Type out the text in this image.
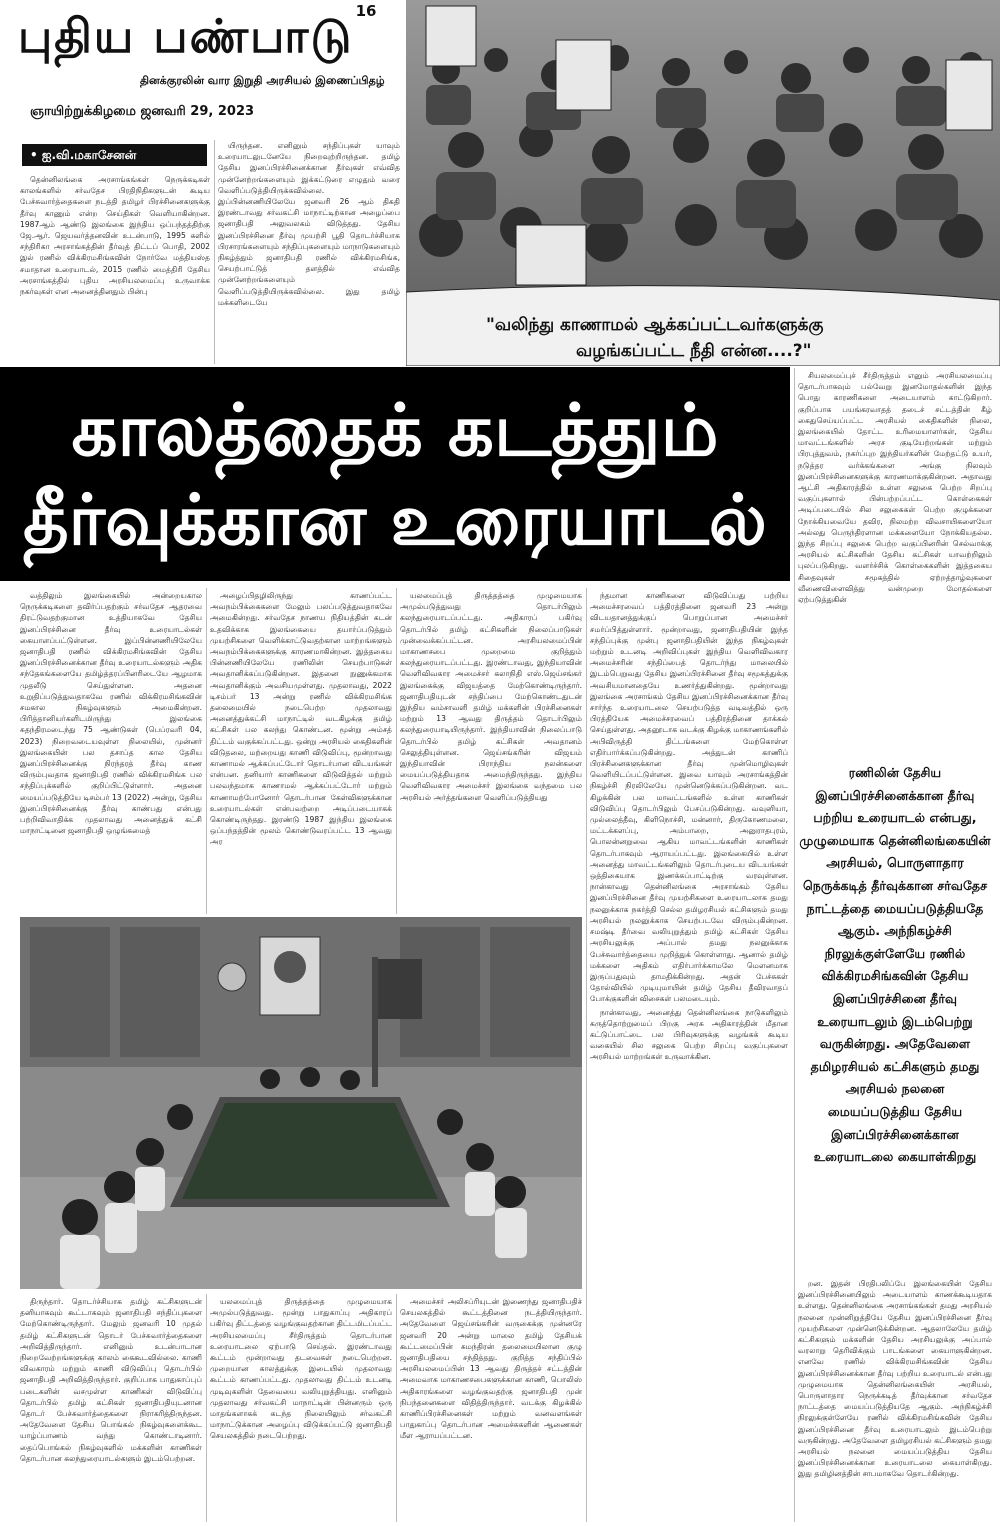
புதிய பண்பாடு 16
தினக்குரலின் வார இறுதி அரசியல் இணைப்பிதழ்
ஞாயிற்றுக்கிழமை ஜனவரி 29, 2023
• ஐ.வி.மகாசேனன்

தென்னிலங்கை அரசாங்கங்கள் நெருக்கடிகள் காலங்களில் சர்வதேச பிரதிநிதிகளுடன் கூடிய பேச்சுவார்த்தைகளை நடத்தி தமிழர் பிரச்சினைகளுக்கு தீர்வு காணும் என்ற செய்திகள் வெளியாகின்றன. 1987ஆம் ஆண்டு இலங்கை இந்திய ஒப்பந்தத்திற்கு ஜே.ஆர். ஜெயவர்த்தனவின் உடன்பாடு, 1995 களில் சந்திரிகா அரசாங்கத்தின் தீர்வுத் திட்டப் பொதி, 2002 இல் ரணில் விக்கிரமசிங்கவின் நோர்வே மத்தியஸ்த சமாதான உரையாடல், 2015 ரணில் மைத்திரி தேசிய அரசாங்கத்தில் புதிய அரசியலமைப்பு உருவாக்க நகர்வுகள் என அனைத்தினதும் பின்பு

யிருந்தன. எனினும் சந்திப்புகள் யாவும் உரையாடலுடனேயே நிறைவுற்றிருந்தன. தமிழ் தேசிய இனப்பிரச்சினைக்கான தீர்வுகள் எவ்வித முன்னேற்றங்களையும் இக்கட்டுரை எழுதும் வரை வெளிப்படுத்தியிருக்கவில்லை. இப்பின்னணியிலேயே ஜனவரி 26 ஆம் திகதி இரண்டாவது சர்வகட்சி மாநாட்டிற்கான அழைப்பை ஜனாதிபதி அலுவலகம் விடுத்தது. தேசிய இனப்பிரச்சினை தீர்வு முயற்சி பூதி தொடர்ச்சியாக பிரசாரங்களையும் சந்திப்புகளையும் மாநாடுகளையும் நிகழ்த்தும் ஜனாதிபதி ரணில் விக்கிரமசிங்க, செயற்பாட்டுத் தளத்தில் எவ்வித முன்னேற்றங்களையும் வெளிப்படுத்தியிருக்கவில்லை. இது தமிழ் மக்களிடையே

"வலிந்து காணாமல் ஆக்கப்பட்டவர்களுக்கு
வழங்கப்பட்ட நீதி என்ன....?"
காலத்தைக் கடத்தும்
தீர்வுக்கான உரையாடல்

சியலமைப்புச் சீர்திருத்தம் எனும் அரசியலமைப்பு தொடர்பாகவும் பல்வேறு இனமோதல்களின் இந்த பொது காரணிகளை அடையாளம் காட்டுகிறார். குறிப்பாக பயங்கரவாதத் தடைச் சட்டத்தின் கீழ் கைதுசெய்யப்பட்ட அரசியல் கைதிகளின் நிலை, இலங்கையில் தோட்ட உரிமையாளர்கள், தேசிய மாவட்டங்களில் அரச குடியேற்றங்கள் மற்றும் பிரபுத்துவம், நகர்ப்புற இந்தியர்களின் மேற்தட்டு உயர், நடுத்தர வர்க்கங்களை அங்கு நிலவும் இனப்பிரச்சினைகளுக்கு காரணமாக்குகின்றன. அதாவது ஆட்சி அதிகாரத்தில் உள்ள சலுகை பெற்ற சிறப்பு வகுப்புகளால் பின்பற்றப்பட்ட கொள்கைகள் அடிப்படையில் சில சலுகைகள் பெற்ற குழுக்களை நோக்கியவையே தவிர, நிலமற்ற விவசாயிகளையோ அல்லது பெருந்திரளான மக்களையோ நோக்கியதல்ல. இந்த சிறப்பு சலுகை பெற்ற வகுப்பினரின் செல்வாக்கு அரசியல் கட்சிகளின் தேசிய கட்சிகள் யாவற்றிலும் புலப்படுகிறது. வளர்ச்சிக் கொள்கைகளின் இத்தகைய சிதைவுகள் சமூகத்தில் ஏற்றத்தாழ்வுகளை வீணைவிளைவித்து வன்முறை மோதல்களை ஏற்படுத்துகின்

ரணிலின் தேசிய இனப்பிரச்சினைக்கான தீர்வு பற்றிய உரையாடல் என்பது, முழுமையாக தென்னிலங்கையின் அரசியல், பொருளாதார நெருக்கடித் தீர்வுக்கான சர்வதேச நாட்டத்தை மையப்படுத்தியதே ஆகும். அந்நிகழ்ச்சி நிரலுக்குள்ளேயே ரணில் விக்கிரமசிங்கவின் தேசிய இனப்பிரச்சினை தீர்வு உரையாடலும் இடம்பெற்று வருகின்றது. அதேவேளை தமிழரசியல் கட்சிகளும் தமது அரசியல் நலனை மையப்படுத்திய தேசிய இனப்பிரச்சினைக்கான உரையாடலை கையாள்கிறது

வத்திலும் இலங்கையில் அன்றையகால நெருக்கடிகளை தவிர்ப்பதற்கும் சர்வதேச ஆதரவை திரட்டுவதற்குமான உத்தியாகவே தேசிய இனப்பிரச்சினை தீர்வு உரையாடல்கள் கையாளப்பட்டுள்ளன. இப்பின்னணியிலேயே ஜனாதிபதி ரணில் விக்கிரமசிங்கவின் தேசிய இனப்பிரச்சினைக்கான தீர்வு உரையாடல்களும் அதிக சந்தேகங்களையே தமிழ்த்தரப்பினரிடையே ஆழமாக முதலீடு செய்துள்ளன. அதனை உறுதிப்படுத்துவதாகவே ரணில் விக்கிரமசிங்கவின் சமகால நிகழ்வுகளும் அமைகின்றன. பிரித்தானியர்களிடமிருந்து இலங்கை சுதந்திரமடைந்து 75 ஆண்டுகள் (பெப்ரவரி 04, 2023) நிறைவடையவுள்ள நிலையில், முன்னர் இலங்கையின் பல தசாப்த கால தேசிய இனப்பிரச்சினைக்கு நிரந்தரத் தீர்வு காண விரும்புவதாக ஜனாதிபதி ரணில் விக்கிரமசிங்க பல சந்திப்புக்களில் குறிப்பிட்டுள்ளார். அதனை மையப்படுத்தியே டிசம்பர் 13 (2022) அன்று, தேசிய இனப்பிரச்சினைக்கு தீர்வு காண்பது என்பது பற்றிவிவாதிக்க முதலாவது அனைத்துக் கட்சி மாநாட்டினை ஜனாதிபதி ஒழுங்கமைத்

அழைப்பிதழிலிருந்து காணப்பட்ட அவநம்பிக்கைகளை மேலும் பலப்படுத்துவதாகவே அமைகின்றது. சர்வதேச நாணய நிதியத்தின் கடன் உதவிக்காக இலங்கையை தயார்ப்படுத்தும் முயற்சிகளை வெளிக்காட்டுவதற்கான மாற்றங்களும் அவநம்பிக்கைகளுக்கு காரணமாகின்றன. இத்தகைய பின்னணியிலேயே ரணிலின் செயற்பாடுகள் அவதானிக்கப்படுகின்றன. இதனை நுணுக்கமாக அவதானிக்கும் அவசியமுள்ளது. முதலாவது, 2022 டிசம்பர் 13 அன்று ரணில் விக்கிரமசிங்க தலைமையில் நடைபெற்ற முதலாவது அனைத்துக்கட்சி மாநாட்டில் வடகிழக்கு தமிழ் கட்சிகள் பல கலந்து கொண்டன. மூன்று அம்சத் திட்டம் வகுக்கப்பட்டது. ஒன்று அரசியல் கைதிகளின் விடுதலை, மற்றையது காணி விடுவிப்பு, மூன்றாவது காணாமல் ஆக்கப்பட்டோர் தொடர்பான விடயங்கள் என்பன. தனியார் காணிகளை விடுவித்தல் மற்றும் பலவந்தமாக காணாமல் ஆக்கப்பட்டோர் மற்றும் காணாமற்போனோர் தொடர்பான கேள்விகளுக்கான உரையாடல்கள் என்பவற்றை அடிப்படையாகக் கொண்டிருந்தது. இரண்டு 1987 இந்திய இலங்கை ஒப்பந்தத்தின் மூலம் கொண்டுவரப்பட்ட 13 ஆவது அர

யலமைப்புத் திருத்தத்தை முழுமையாக அமுல்படுத்துவது தொடர்பிலும் கலந்துரையாடப்பட்டது. அதிகாரப் பகிர்வு தொடர்பில் தமிழ் கட்சிகளின் நிலைப்பாடுகள் முன்வைக்கப்பட்டன. அரசியலமைப்பின் மாகாணசபை முறைமை குறித்தும் கலந்துரையாடப்பட்டது. இரண்டாவது, இந்தியாவின் வெளிவிவகார அமைச்சர் கலாநிதி எஸ்.ஜெய்சங்கர் இலங்கைக்கு விஜயத்தை மேற்கொண்டிருந்தார். ஜனாதிபதியுடன் சந்திப்பை மேற்கொண்டதுடன் இந்திய வம்சாவளி தமிழ் மக்களின் பிரச்சினைகள் மற்றும் 13 ஆவது திருத்தம் தொடர்பிலும் கலந்துரையாடியிருந்தார். இந்தியாவின் நிலைப்பாடு தொடர்பில் தமிழ் கட்சிகள் அவதானம் செலுத்தியுள்ளன. ஜெய்சங்கரின் விஜயம் இந்தியாவின் பிராந்திய நலன்களை மையப்படுத்தியதாக அமைந்திருந்தது. இந்திய வெளிவிவகார அமைச்சர் இலங்கை வந்தமை பல அரசியல் அர்த்தங்களை வெளிப்படுத்தியது

ந்தமான காணிகளை விடுவிப்பது பற்றிய அமைச்சரவைப் பத்திரத்தினை ஜனவரி 23 அன்று விடயதானத்துக்குப் பொறுப்பான அமைச்சர் சமர்ப்பித்துள்ளார். மூன்றாவது, ஜனாதிபதியின் இந்த சந்திப்புக்கு முன்பு ஜனாதிபதியின் இந்த நிகழ்வுகள் மற்றும் உடனடி அறிவிப்புகள் இந்திய வெளிவிவகார அமைச்சரின் சந்திப்பைத் தொடர்ந்து மாலையில் இடம்பெறுவது தேசிய இனப்பிரச்சினை தீர்வு சமூகத்துக்கு அவசியமானதையே உணர்த்துகின்றது. மூன்றாவது இலங்கை அரசாங்கம் தேசிய இனப்பிரச்சினைக்கான தீர்வு சார்ந்த உரையாடலை செயற்படுத்த வடிவத்தில் ஒரு பிரத்தியேக அமைச்சரவைப் பத்திரத்தினை தாக்கல் செய்துள்ளது. அதனூடாக வடக்கு கிழக்கு மாகாணங்களில் அபிவிருத்தி திட்டங்களை மேற்கொள்ள எதிர்பார்க்கப்படுகின்றது. அத்துடன் காணிப் பிரச்சினைகளுக்கான தீர்வு முன்மொழிவுகள் வெளியிடப்பட்டுள்ளன. இவை யாவும் அரசாங்கத்தின் நிகழ்ச்சி நிரலிலேயே முன்னெடுக்கப்படுகின்றன. வட கிழக்கின் பல மாவட்டங்களில் உள்ள காணிகள் விடுவிப்பு தொடர்பிலும் பேசப்படுகின்றது. வவுனியா, முல்லைத்தீவு, கிளிநொச்சி, மன்னார், திருகோணமலை, மட்டக்களப்பு, அம்பாறை, அனுராதபுரம், பொலன்னறுவை ஆகிய மாவட்டங்களின் காணிகள் தொடர்பாகவும் ஆராயப்பட்டது. இலங்கையில் உள்ள அனைத்து மாவட்டங்களிலும் தொடர்புடைய விடயங்கள் ஒத்திகையாக இணக்கப்பாட்டிற்கு வரவுள்ளன. நான்காவது தென்னிலங்கை அரசாங்கம் தேசிய இனப்பிரச்சினை தீர்வு முயற்சிகளை உரையாடலாக தமது நலனுக்காக நகர்த்தி செல்ல தமிழரசியல் கட்சிகளும் தமது அரசியல் நலனுக்காக செயற்படவே விரும்புகின்றன. சமஷ்டி தீர்வை வலியுறுத்தும் தமிழ் கட்சிகள் தேசிய அரசியலுக்கு அப்பால் தமது நலனுக்காக பேச்சுவார்த்தையை முறித்துக் கொள்ளாது. ஆனால் தமிழ் மக்களை அதிகம் எதிர்பார்க்காமலே மௌனமாக இருப்பதுவும் தாமதிக்கின்றது. அதன் பேச்சுகள் தோல்வியில் முடியுமாயின் தமிழ் தேசிய தீவிரவாதப் போக்குகளின் விசைகள் பலமடையும்.

நான்காவது, அனைத்து தென்னிலங்கை நாடுகளிலும் கருத்தொற்றுமைப் பிறகு அரசு அதிகாரத்தின் மீதான கட்டுப்பாட்டை பல பிரிவுகளுக்கு வழங்கக் கூடிய வகையில் சில சலுகை பெற்ற சிறப்பு வகுப்புகளை அரசியல் மாற்றங்கள் உருவாக்கின.

திருந்தார். தொடர்ச்சியாக தமிழ் கட்சிகளுடன் தனியாகவும் கூட்டாகவும் ஜனாதிபதி சந்திப்புகளை மேற்கொண்டிருந்தார். மேலும் ஜனவரி 10 முதல் தமிழ் கட்சிகளுடன் தொடர் பேச்சுவார்த்தைகளை அறிவித்திருந்தார். எனினும் உடன்பாடான நிறைவேற்றங்களுக்கு காலம் கைகூடவில்லை. காணி விவகாரம் மற்றும் காணி விடுவிப்பு தொடர்பில் ஜனாதிபதி அறிவித்திருந்தார். குறிப்பாக பாதுகாப்புப் படைகளின் வசமுள்ள காணிகள் விடுவிப்பு தொடர்பில் தமிழ் கட்சிகள் ஜனாதிபதியுடனான தொடர் பேச்சுவார்த்தைகளை நிராகரித்திருந்தன. அதேவேளை தேசிய பொங்கல் நிகழ்வுகளைக்கூட யாழ்ப்பாணம் வந்து கொண்டாடினார். தைப்பொங்கல் நிகழ்வுகளில் மக்களின் காணிகள் தொடர்பான கலந்துரையாடல்களும் இடம்பெற்றன.

யலமைப்புத் திருத்தத்தை முழுமையாக அமுல்படுத்துவது. மூன்று பாதுகாப்பு அதிகாரப் பகிர்வு திட்டத்தை வழங்குவதற்கான திட்டமிடப்பட்ட அரசியலமைப்பு சீர்திருத்தம் தொடர்பான உரையாடலை ஏற்பாடு செய்தல். இரண்டாவது கூட்டம் மூன்றாவது தடவைகள் நடைபெற்றன. முறையான காலத்துக்கு இடையில் முதலாவது கூட்டம் காணப்பட்டது. முதலாவது திட்டம் உடனடி முடிவுகளின் தேவையை வலியுறுத்தியது. எனினும் முதலாவது சர்வகட்சி மாநாட்டின் பின்னரும் ஒரு மாதங்களாகக் கடந்த நிலையிலும் சர்வகட்சி மாநாட்டுக்கான அழைப்பு விடுக்கப்பட்டு ஜனாதிபதி செயலகத்தில் நடைபெற்றது.

அமைச்சர் அலிசப்ரியுடன் இணைந்து ஜனாதிபதிச் செயலகத்தில் கூட்டத்தினை நடத்தியிருந்தார். அதேவேளை ஜெய்சங்கரின் வருகைக்கு முன்னரே ஜனவரி 20 அன்று மாலை தமிழ் தேசியக் கூட்டமைப்பின் சுமந்திரன் தலைமையிலான குழு ஜனாதிபதியை சந்தித்தது. குறித்த சந்திப்பில் அரசியலமைப்பின் 13 ஆவது திருத்தச் சட்டத்தின் அமைவாக மாகாணசபைகளுக்கான காணி, பொலிஸ் அதிகாரங்களை வழங்குவதற்கு ஜனாதிபதி முன் நிபந்தனைகளை விதித்திருந்தார். வடக்கு கிழக்கில் காணிப்பிரச்சினைகள் மற்றும் வனவளங்கள் பாதுகாப்பு தொடர்பான அமைச்சுகளின் ஆணைகள் மீள ஆராயப்பட்டன.

றன. இதன் பிரதிபலிப்பே இலங்கையின் தேசிய இனப்பிரச்சினையிலும் அடையாளம் காணக்கூடியதாக உள்ளது. தென்னிலங்கை அரசாங்கங்கள் தமது அரசியல் நலனை முன்னிறுத்தியே தேசிய இனப்பிரச்சினை தீர்வு முயற்சிகளை முன்னெடுக்கின்றன. ஆதலாலேயே தமிழ் கட்சிகளும் மக்களின் தேசிய அரசியலுக்கு அப்பால் வரலாறு தெரிவிக்கும் பாடங்களை கையாளுகின்றன. எனவே ரணில் விக்கிரமசிங்கவின் தேசிய இனப்பிரச்சினைக்கான தீர்வு பற்றிய உரையாடல் என்பது முழுமையாக தென்னிலங்கையின் அரசியல், பொருளாதார நெருக்கடித் தீர்வுக்கான சர்வதேச நாட்டத்தை மையப்படுத்தியதே ஆகும். அந்நிகழ்ச்சி நிரலுக்குள்ளேயே ரணில் விக்கிரமசிங்கவின் தேசிய இனப்பிரச்சினை தீர்வு உரையாடலும் இடம்பெற்று வருகின்றது. அதேவேளை தமிழரசியல் கட்சிகளும் தமது அரசியல் நலனை மையப்படுத்திய தேசிய இனப்பிரச்சினைக்கான உரையாடலை கையாள்கிறது. இது தமிழினத்தின் சாபமாகவே தொடர்கின்றது.
